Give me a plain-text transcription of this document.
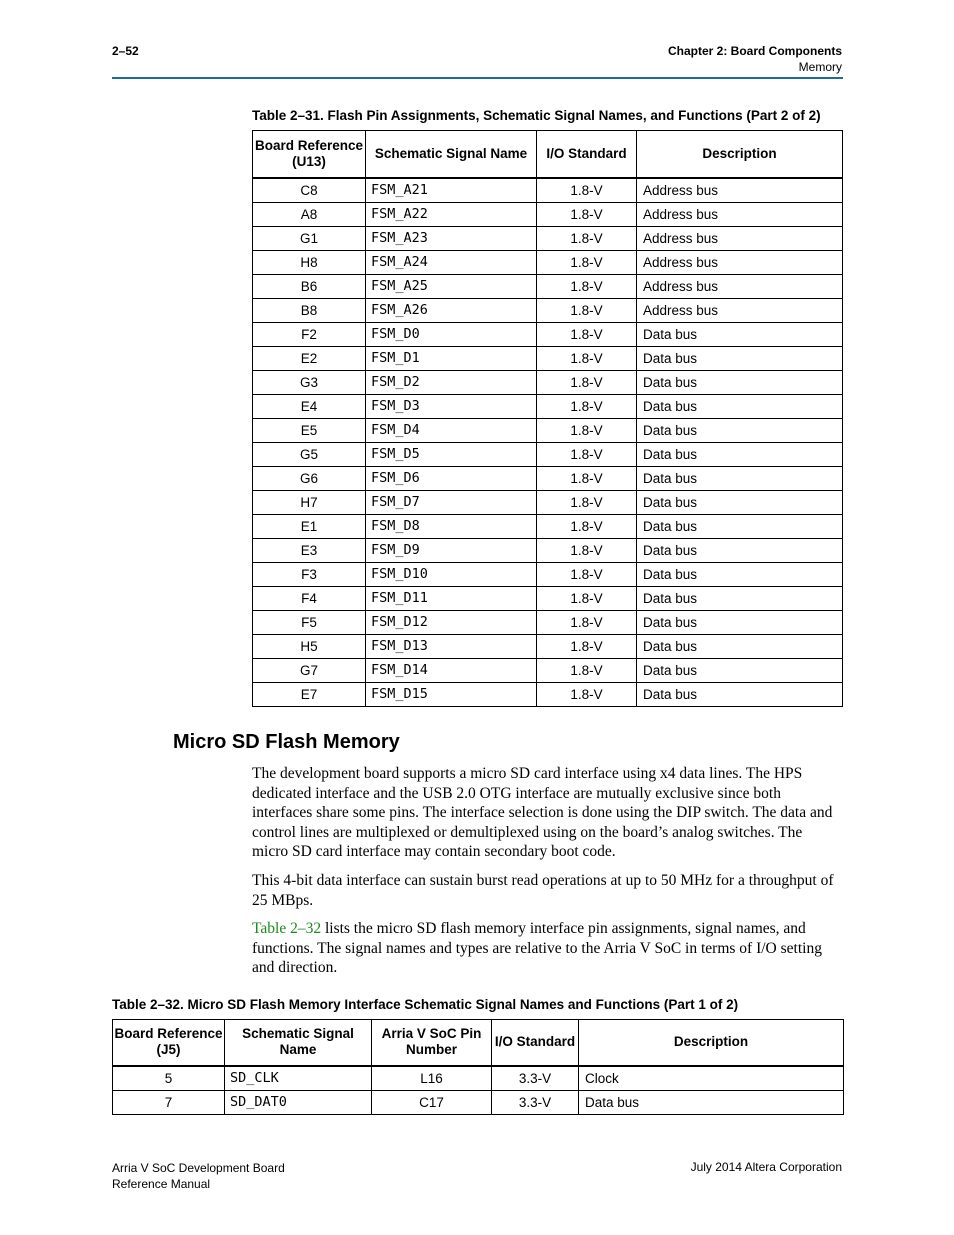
2–52	Chapter 2: Board Components
Memory
Table 2–31. Flash Pin Assignments, Schematic Signal Names, and Functions (Part 2 of 2)
Board Reference (U13)	Schematic Signal Name	I/O Standard	Description
C8	FSM_A21	1.8-V	Address bus
A8	FSM_A22	1.8-V	Address bus
G1	FSM_A23	1.8-V	Address bus
H8	FSM_A24	1.8-V	Address bus
B6	FSM_A25	1.8-V	Address bus
B8	FSM_A26	1.8-V	Address bus
F2	FSM_D0	1.8-V	Data bus
E2	FSM_D1	1.8-V	Data bus
G3	FSM_D2	1.8-V	Data bus
E4	FSM_D3	1.8-V	Data bus
E5	FSM_D4	1.8-V	Data bus
G5	FSM_D5	1.8-V	Data bus
G6	FSM_D6	1.8-V	Data bus
H7	FSM_D7	1.8-V	Data bus
E1	FSM_D8	1.8-V	Data bus
E3	FSM_D9	1.8-V	Data bus
F3	FSM_D10	1.8-V	Data bus
F4	FSM_D11	1.8-V	Data bus
F5	FSM_D12	1.8-V	Data bus
H5	FSM_D13	1.8-V	Data bus
G7	FSM_D14	1.8-V	Data bus
E7	FSM_D15	1.8-V	Data bus
Micro SD Flash Memory

The development board supports a micro SD card interface using x4 data lines. The HPS dedicated interface and the USB 2.0 OTG interface are mutually exclusive since both interfaces share some pins. The interface selection is done using the DIP switch. The data and control lines are multiplexed or demultiplexed using on the board’s analog switches. The micro SD card interface may contain secondary boot code.

This 4-bit data interface can sustain burst read operations at up to 50 MHz for a throughput of 25 MBps.

Table 2–32 lists the micro SD flash memory interface pin assignments, signal names, and functions. The signal names and types are relative to the Arria V SoC in terms of I/O setting and direction.

Table 2–32. Micro SD Flash Memory Interface Schematic Signal Names and Functions (Part 1 of 2)
Board Reference (J5)	Schematic Signal Name	Arria V SoC Pin Number	I/O Standard	Description
5	SD_CLK	L16	3.3-V	Clock
7	SD_DAT0	C17	3.3-V	Data bus
Arria V SoC Development Board
Reference Manual
July 2014 Altera Corporation
